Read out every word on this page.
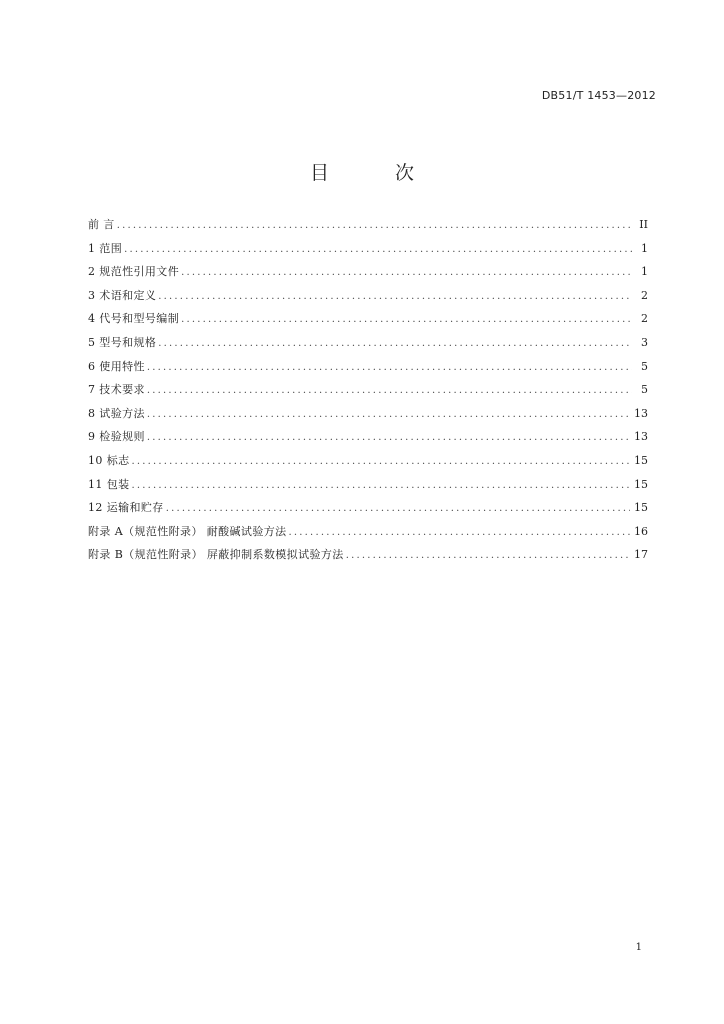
DB51/T 1453—2012
目 次
前 言 .....	II
1 范围 .....	1
2 规范性引用文件 .....	1
3 术语和定义 .....	2
4 代号和型号编制 .....	2
5 型号和规格 .....	3
6 使用特性 .....	5
7 技术要求 .....	5
8 试验方法 .....	13
9 检验规则 .....	13
10 标志 .....	15
11 包装 .....	15
12 运输和贮存 .....	15
附录 A（规范性附录） 耐酸碱试验方法 .....	16
附录 B（规范性附录） 屏蔽抑制系数模拟试验方法 .....	17
1
